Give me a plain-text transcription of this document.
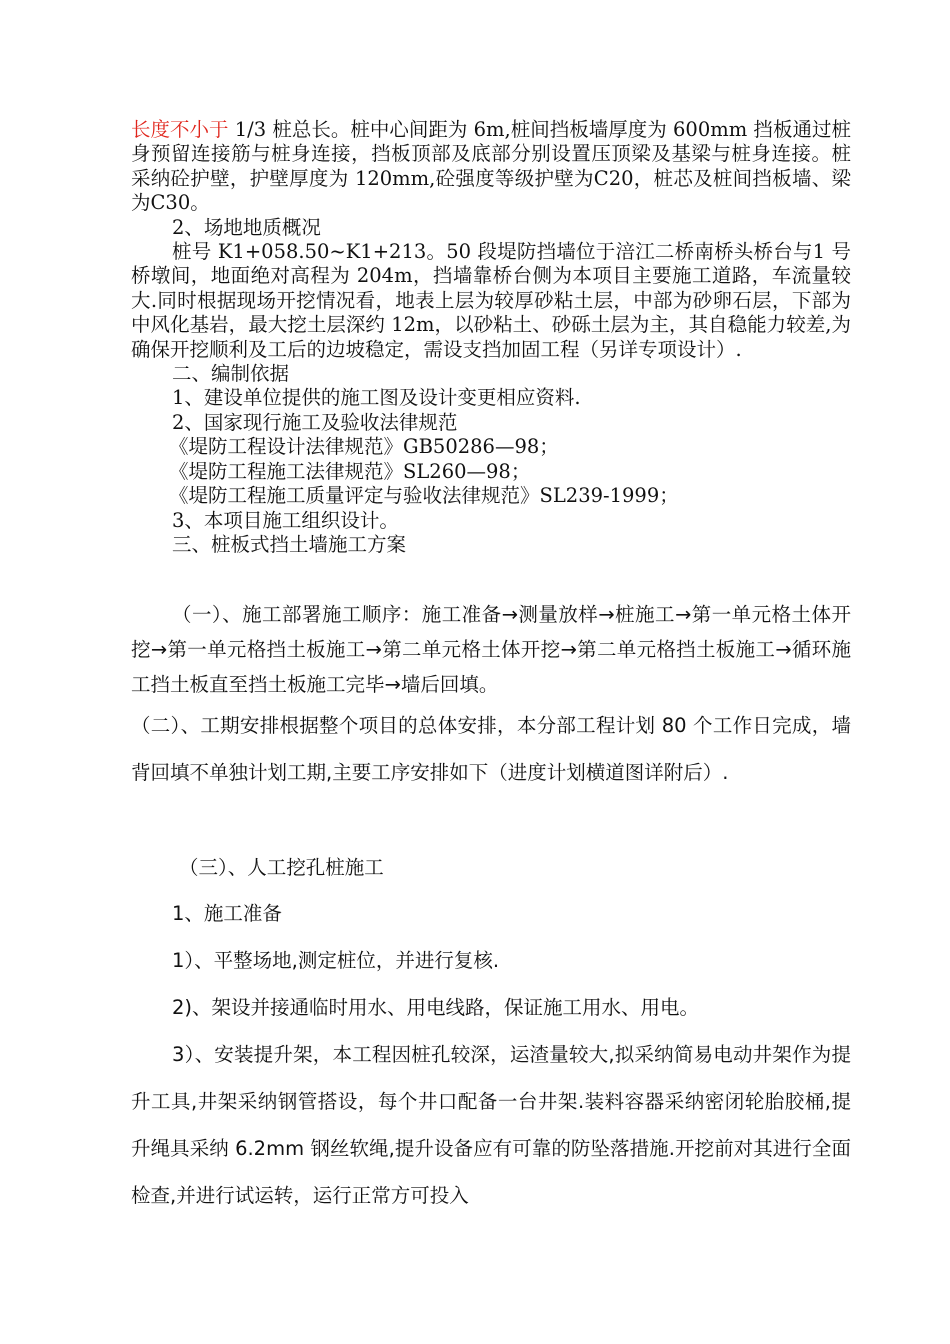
长度不小于 1/3 桩总长。桩中心间距为 6m,桩间挡板墙厚度为 600mm 挡板通过桩身预留连接筋与桩身连接，挡板顶部及底部分别设置压顶梁及基梁与桩身连接。桩采纳砼护壁，护壁厚度为 120mm,砼强度等级护壁为C20，桩芯及桩间挡板墙、梁为C30。

2、场地地质概况

桩号 K1+058.50~K1+213。50 段堤防挡墙位于涪江二桥南桥头桥台与1 号桥墩间，地面绝对高程为 204m，挡墙靠桥台侧为本项目主要施工道路，车流量较大.同时根据现场开挖情况看，地表上层为较厚砂粘土层，中部为砂卵石层，下部为中风化基岩，最大挖土层深约 12m，以砂粘土、砂砾土层为主，其自稳能力较差,为确保开挖顺利及工后的边坡稳定，需设支挡加固工程（另详专项设计）.

二、编制依据

1、建设单位提供的施工图及设计变更相应资料.

2、国家现行施工及验收法律规范

《堤防工程设计法律规范》GB50286—98；

《堤防工程施工法律规范》SL260—98；

《堤防工程施工质量评定与验收法律规范》SL239-1999；

3、本项目施工组织设计。

三、桩板式挡土墙施工方案

（一）、施工部署施工顺序：施工准备→测量放样→桩施工→第一单元格土体开挖→第一单元格挡土板施工→第二单元格土体开挖→第二单元格挡土板施工→循环施工挡土板直至挡土板施工完毕→墙后回填。

（二）、工期安排根据整个项目的总体安排，本分部工程计划 80 个工作日完成，墙背回填不单独计划工期,主要工序安排如下（进度计划横道图详附后）.

（三）、人工挖孔桩施工

1、施工准备

1）、平整场地,测定桩位，并进行复核.

2)、架设并接通临时用水、用电线路，保证施工用水、用电。

3）、安装提升架，本工程因桩孔较深，运渣量较大,拟采纳简易电动井架作为提升工具,井架采纳钢管搭设，每个井口配备一台井架.装料容器采纳密闭轮胎胶桶,提升绳具采纳 6.2mm 钢丝软绳,提升设备应有可靠的防坠落措施.开挖前对其进行全面检查,并进行试运转，运行正常方可投入
